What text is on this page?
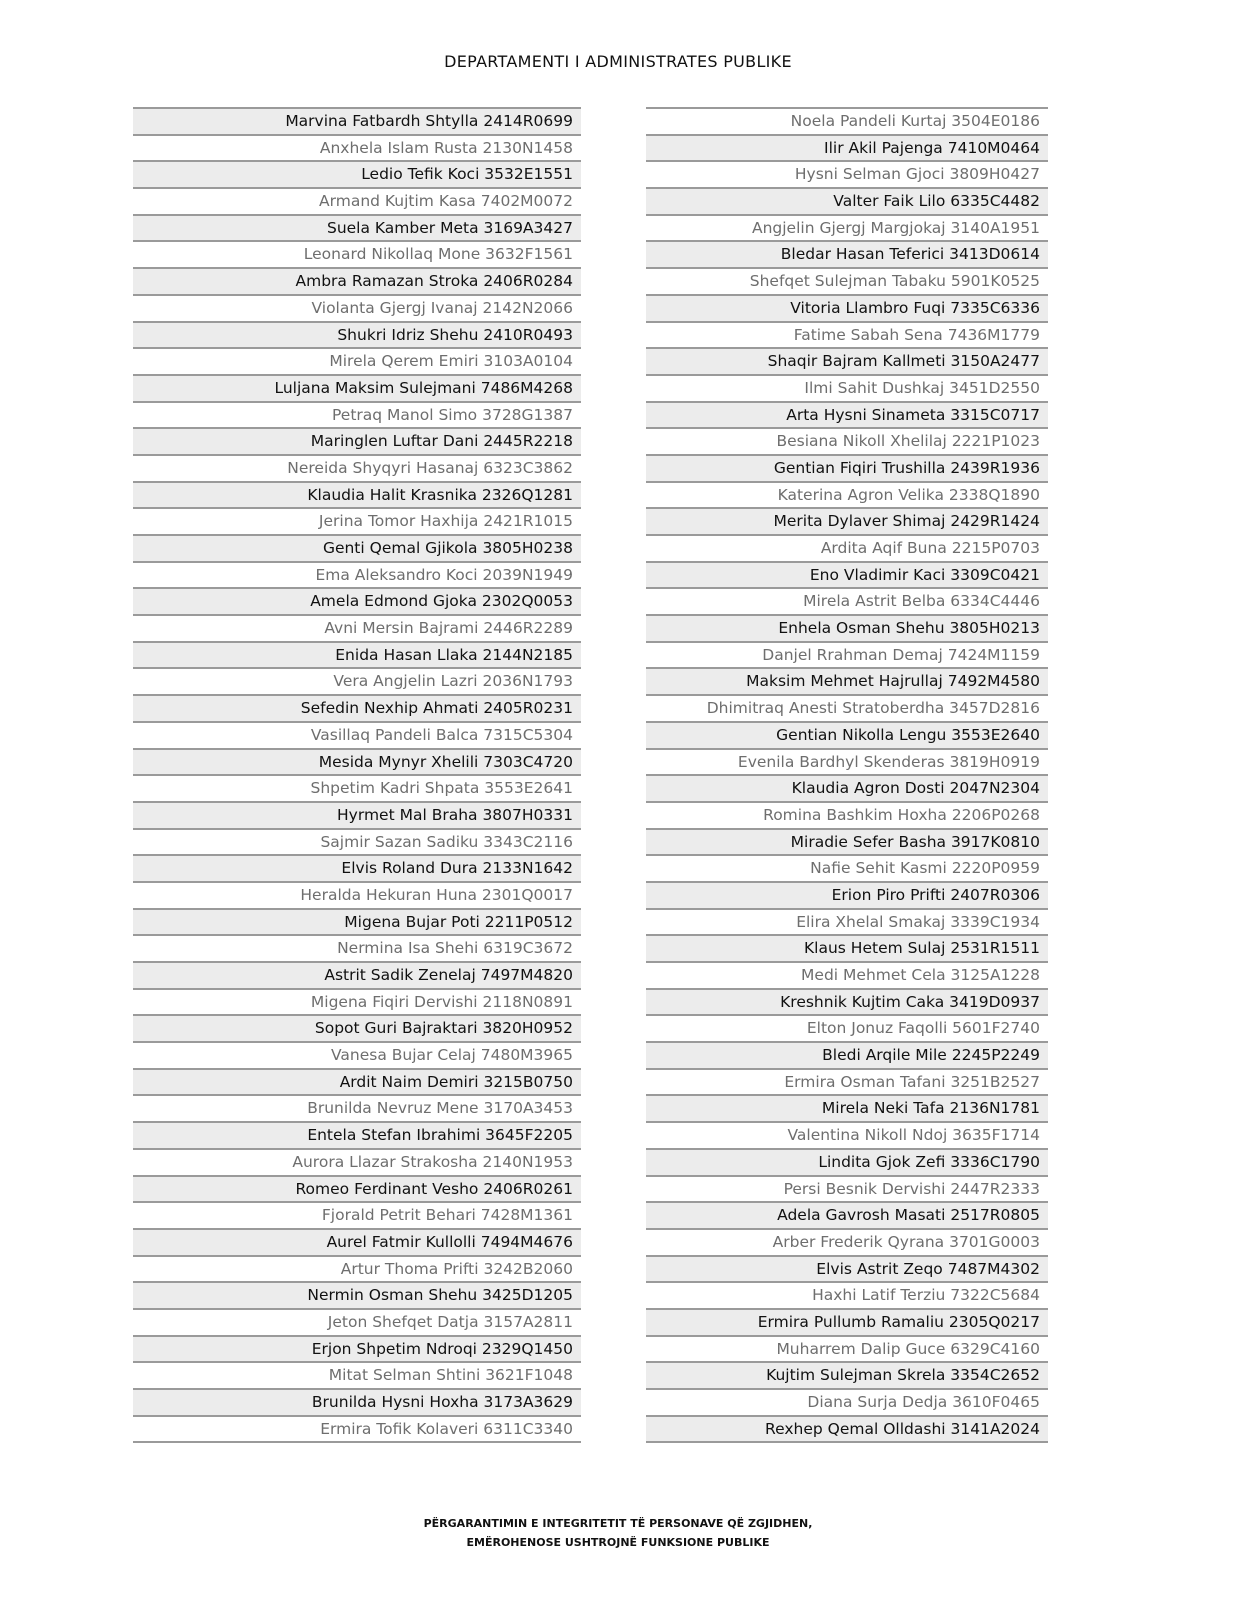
DEPARTAMENTI I ADMINISTRATES PUBLIKE
Marvina Fatbardh Shtylla 2414R0699
Anxhela Islam Rusta 2130N1458
Ledio Tefik Koci 3532E1551
Armand Kujtim Kasa 7402M0072
Suela Kamber Meta 3169A3427
Leonard Nikollaq Mone 3632F1561
Ambra Ramazan Stroka 2406R0284
Violanta Gjergj Ivanaj 2142N2066
Shukri Idriz Shehu 2410R0493
Mirela Qerem Emiri 3103A0104
Luljana Maksim Sulejmani 7486M4268
Petraq Manol Simo 3728G1387
Maringlen Luftar Dani 2445R2218
Nereida Shyqyri Hasanaj 6323C3862
Klaudia Halit Krasnika 2326Q1281
Jerina Tomor Haxhija 2421R1015
Genti Qemal Gjikola 3805H0238
Ema Aleksandro Koci 2039N1949
Amela Edmond Gjoka 2302Q0053
Avni Mersin Bajrami 2446R2289
Enida Hasan Llaka 2144N2185
Vera Angjelin Lazri 2036N1793
Sefedin Nexhip Ahmati 2405R0231
Vasillaq Pandeli Balca 7315C5304
Mesida Mynyr Xhelili 7303C4720
Shpetim Kadri Shpata 3553E2641
Hyrmet Mal Braha 3807H0331
Sajmir Sazan Sadiku 3343C2116
Elvis Roland Dura 2133N1642
Heralda Hekuran Huna 2301Q0017
Migena Bujar Poti 2211P0512
Nermina Isa Shehi 6319C3672
Astrit Sadik Zenelaj 7497M4820
Migena Fiqiri Dervishi 2118N0891
Sopot Guri Bajraktari 3820H0952
Vanesa Bujar Celaj 7480M3965
Ardit Naim Demiri 3215B0750
Brunilda Nevruz Mene 3170A3453
Entela Stefan Ibrahimi 3645F2205
Aurora Llazar Strakosha 2140N1953
Romeo Ferdinant Vesho 2406R0261
Fjorald Petrit Behari 7428M1361
Aurel Fatmir Kullolli 7494M4676
Artur Thoma Prifti 3242B2060
Nermin Osman Shehu 3425D1205
Jeton Shefqet Datja 3157A2811
Erjon Shpetim Ndroqi 2329Q1450
Mitat Selman Shtini 3621F1048
Brunilda Hysni Hoxha 3173A3629
Ermira Tofik Kolaveri 6311C3340
Noela Pandeli Kurtaj 3504E0186
Ilir Akil Pajenga 7410M0464
Hysni Selman Gjoci 3809H0427
Valter Faik Lilo 6335C4482
Angjelin Gjergj Margjokaj 3140A1951
Bledar Hasan Teferici 3413D0614
Shefqet Sulejman Tabaku 5901K0525
Vitoria Llambro Fuqi 7335C6336
Fatime Sabah Sena 7436M1779
Shaqir Bajram Kallmeti 3150A2477
Ilmi Sahit Dushkaj 3451D2550
Arta Hysni Sinameta 3315C0717
Besiana Nikoll Xhelilaj 2221P1023
Gentian Fiqiri Trushilla 2439R1936
Katerina Agron Velika 2338Q1890
Merita Dylaver Shimaj 2429R1424
Ardita Aqif Buna 2215P0703
Eno Vladimir Kaci 3309C0421
Mirela Astrit Belba 6334C4446
Enhela Osman Shehu 3805H0213
Danjel Rrahman Demaj 7424M1159
Maksim Mehmet Hajrullaj 7492M4580
Dhimitraq Anesti Stratoberdha 3457D2816
Gentian Nikolla Lengu 3553E2640
Evenila Bardhyl Skenderas 3819H0919
Klaudia Agron Dosti 2047N2304
Romina Bashkim Hoxha 2206P0268
Miradie Sefer Basha 3917K0810
Nafie Sehit Kasmi 2220P0959
Erion Piro Prifti 2407R0306
Elira Xhelal Smakaj 3339C1934
Klaus Hetem Sulaj 2531R1511
Medi Mehmet Cela 3125A1228
Kreshnik Kujtim Caka 3419D0937
Elton Jonuz Faqolli 5601F2740
Bledi Arqile Mile 2245P2249
Ermira Osman Tafani 3251B2527
Mirela Neki Tafa 2136N1781
Valentina Nikoll Ndoj 3635F1714
Lindita Gjok Zefi 3336C1790
Persi Besnik Dervishi 2447R2333
Adela Gavrosh Masati 2517R0805
Arber Frederik Qyrana 3701G0003
Elvis Astrit Zeqo 7487M4302
Haxhi Latif Terziu 7322C5684
Ermira Pullumb Ramaliu 2305Q0217
Muharrem Dalip Guce 6329C4160
Kujtim Sulejman Skrela 3354C2652
Diana Surja Dedja 3610F0465
Rexhep Qemal Olldashi 3141A2024
PËRGARANTIMIN E INTEGRITETIT TË PERSONAVE QË ZGJIDHEN,
EMËROHENOSE USHTROJNË FUNKSIONE PUBLIKE
